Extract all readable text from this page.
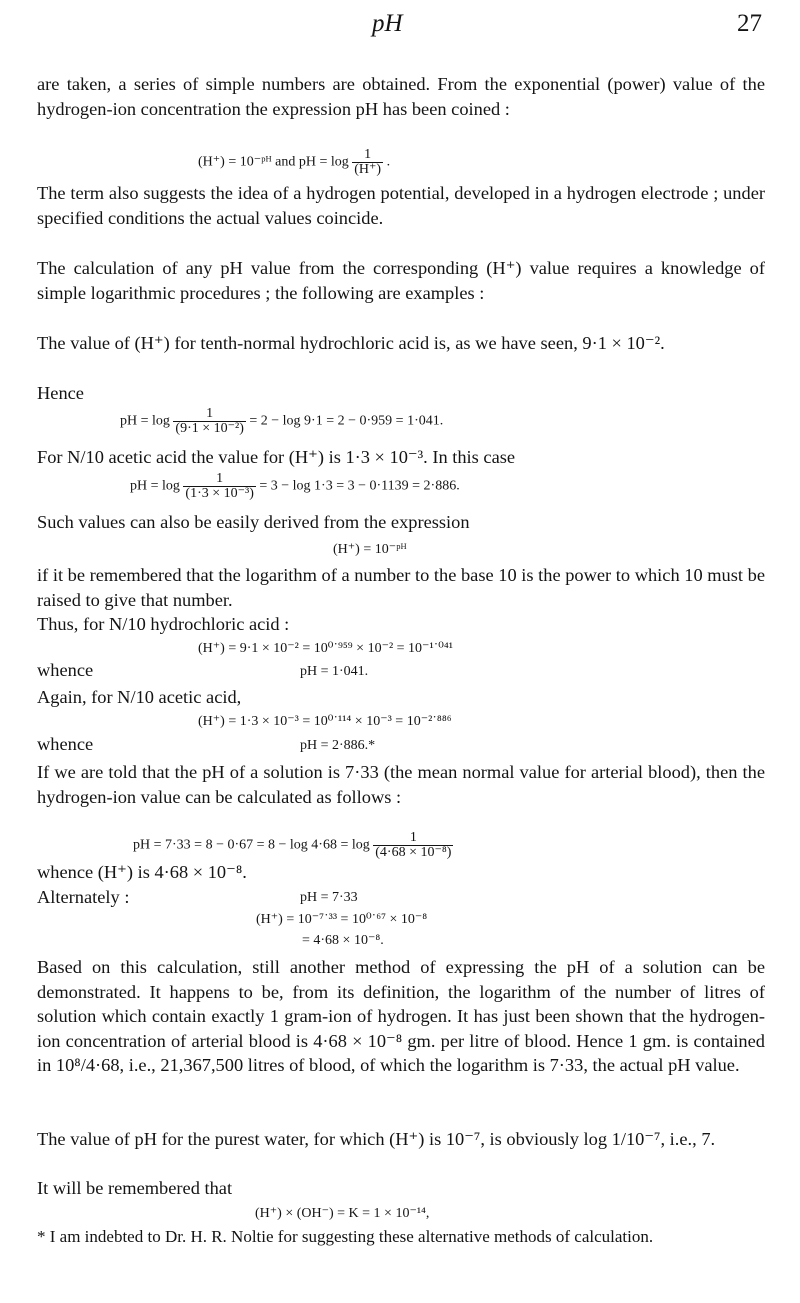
pH	27
are taken, a series of simple numbers are obtained. From the exponential (power) value of the hydrogen-ion concentration the expression pH has been coined :
(H⁺) = 10⁻ᵖᴴ and pH = $\log \frac{1}{(H^+)}$ .
The term also suggests the idea of a hydrogen potential, developed in a hydrogen electrode ; under specified conditions the actual values coincide.
The calculation of any pH value from the corresponding (H⁺) value requires a knowledge of simple logarithmic procedures ; the following are examples :
The value of (H⁺) for tenth-normal hydrochloric acid is, as we have seen, 9·1 × 10⁻².
Hence
pH = $\log \frac{1}{\text{(9·1 × 10⁻²)}} = 2 - \log 9\cdot 1 = 2 - 0\cdot 959 = 1\cdot 041$.
For N/10 acetic acid the value for (H⁺) is 1·3 × 10⁻³. In this case
pH = $\log \frac{1}{\text{(1·3 × 10⁻³)}} = 3 - \log 1\cdot 3 = 3 - 0\cdot 1139 = 2\cdot 886$.
Such values can also be easily derived from the expression
(H⁺) = 10⁻ᵖᴴ
if it be remembered that the logarithm of a number to the base 10 is the power to which 10 must be raised to give that number.
Thus, for N/10 hydrochloric acid :
(H⁺) = 9·1 × 10⁻² = 10⁰˙⁹⁵⁹ × 10⁻² = 10⁻¹˙⁰⁴¹
whence	pH = 1·041.
Again, for N/10 acetic acid,
(H⁺) = 1·3 × 10⁻³ = 10⁰˙¹¹⁴ × 10⁻³ = 10⁻²˙⁸⁸⁶
whence	pH = 2·886.*
If we are told that the pH of a solution is 7·33 (the mean normal value for arterial blood), then the hydrogen-ion value can be calculated as follows :
pH = $7\cdot 33 = 8 - 0\cdot 67 = 8 - \log 4\cdot 68 = \log \frac{1}{\text{(4·68 × 10⁻⁸)}}$
whence (H⁺) is 4·68 × 10⁻⁸.
Alternately :	pH = 7·33
(H⁺) = 10⁻⁷˙³³ = 10⁰˙⁶⁷ × 10⁻⁸
= 4·68 × 10⁻⁸.
Based on this calculation, still another method of expressing the pH of a solution can be demonstrated. It happens to be, from its definition, the logarithm of the number of litres of solution which contain exactly 1 gram-ion of hydrogen. It has just been shown that the hydrogen-ion concentration of arterial blood is 4·68 × 10⁻⁸ gm. per litre of blood. Hence 1 gm. is contained in 10⁸/4·68, i.e., 21,367,500 litres of blood, of which the logarithm is 7·33, the actual pH value.
The value of pH for the purest water, for which (H⁺) is 10⁻⁷, is obviously log 1/10⁻⁷, i.e., 7.
It will be remembered that
(H⁺) × (OH⁻) = K = 1 × 10⁻¹⁴,
* I am indebted to Dr. H. R. Noltie for suggesting these alternative methods of calculation.
